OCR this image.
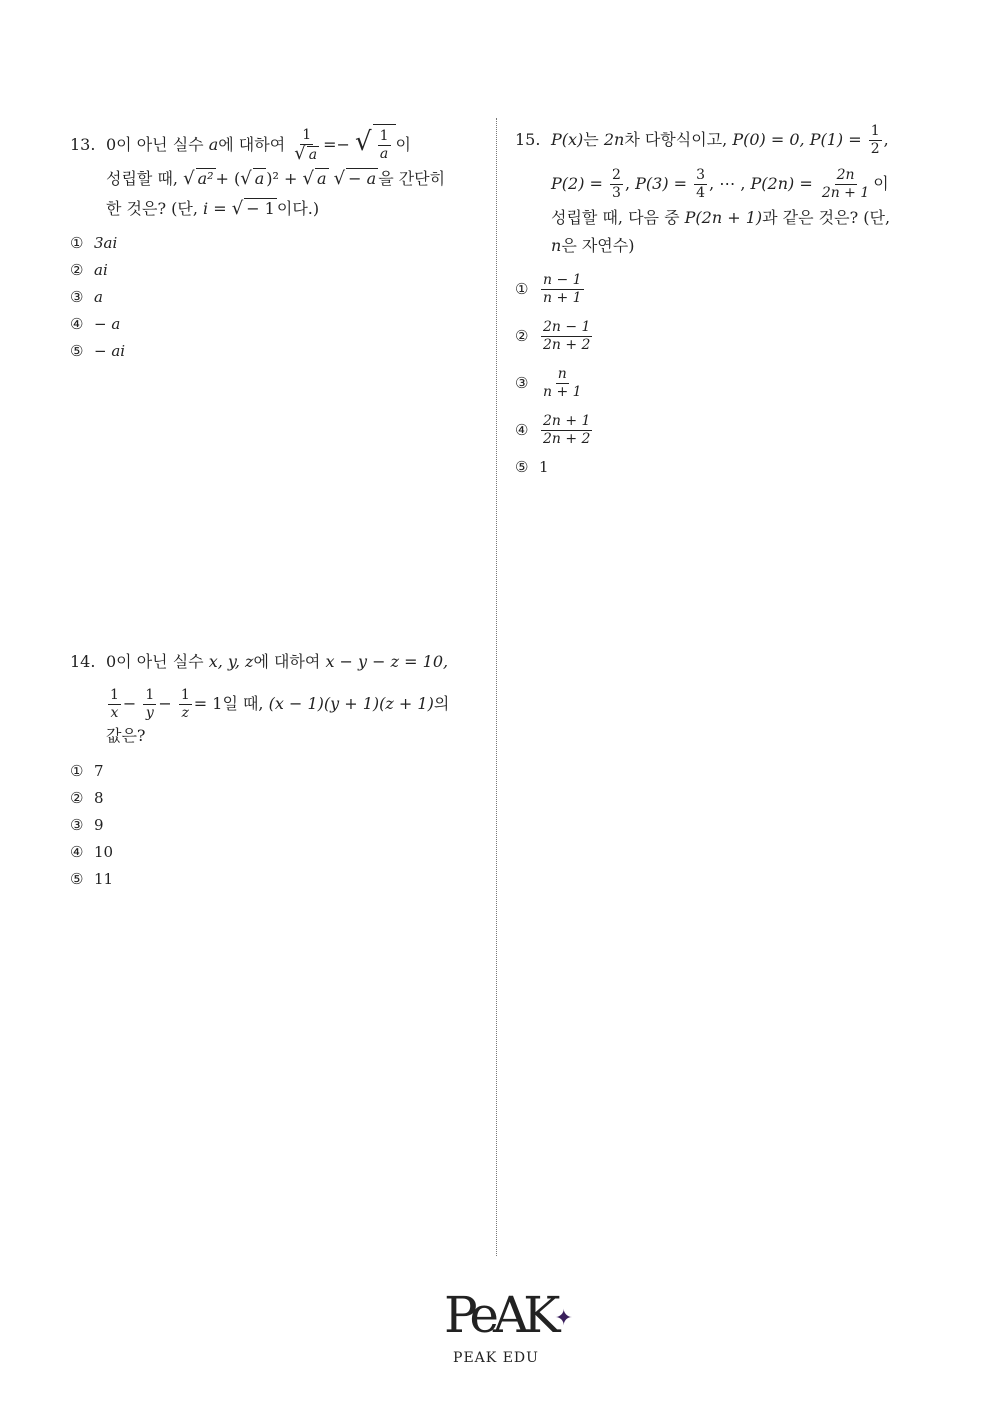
13. 0이 아닌 실수 a에 대하여 $\frac{1}{√ a}$ =− √ $\frac{1}{a}$ 이
성립할 때, √ a² + (√ a )² + √ a √ − a 을 간단히
한 것은? (단, i = √ − 1 이다.)
① 3ai
② ai
③ a
④ − a
⑤ − ai
14. 0이 아닌 실수 x, y, z에 대하여 x − y − z = 10,
$\frac{1}{x} - \frac{1}{y} - \frac{1}{z} = 1$일 때, (x − 1)(y + 1)(z + 1)의
값은?
① 7
② 8
③ 9
④ 10
⑤ 11
15. P(x)는 2n차 다항식이고, P(0) = 0, $P(1) = \frac{1}{2}$ ,
$P(2) = \frac{2}{3}$ , $P(3) = \frac{3}{4}$ , ⋯ , $P(2n) = \frac{2n}{2n + 1}$ 이
성립할 때, 다음 중 P(2n + 1)과 같은 것은? (단,
n은 자연수)
① $\frac{n - 1}{n + 1}$
② $\frac{2n - 1}{2n + 2}$
③ $\frac{n}{n + 1}$
④ $\frac{2n + 1}{2n + 2}$
⑤ 1
PeAK✦
PEAK EDU
